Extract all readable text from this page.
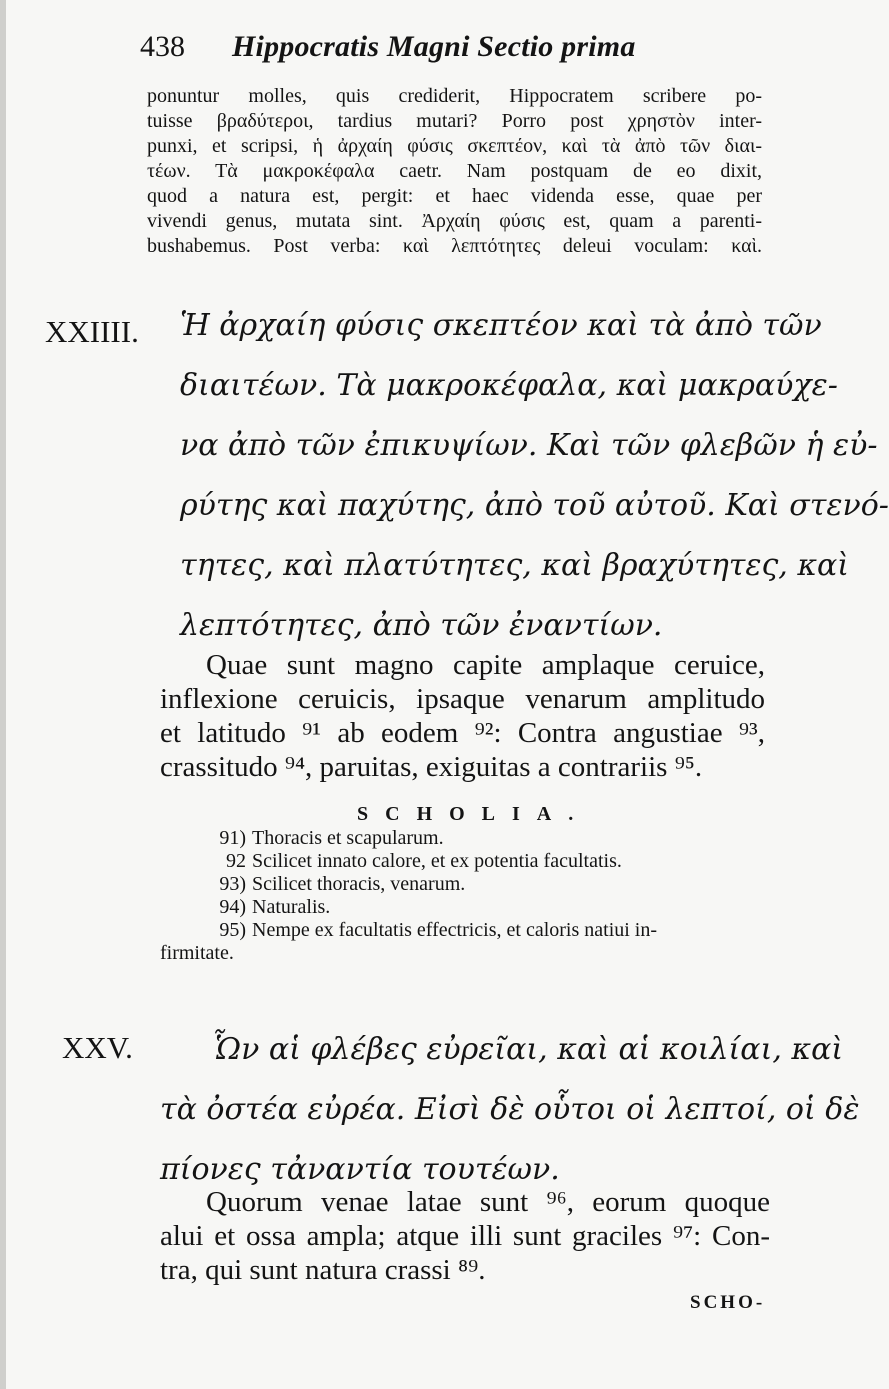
438 Hippocratis Magni Sectio prima
ponuntur molles, quis crediderit, Hippocratem scribere po-
tuisse βραδύτεροι, tardius mutari? Porro post χρηστὸν inter-
punxi, et scripsi, ἡ ἀρχαίη φύσις σκεπτέον, καὶ τὰ ἀπὸ τῶν διαι-
τέων. Τὰ μακροκέφαλα caetr. Nam postquam de eo dixit,
quod a natura est, pergit: et haec videnda esse, quae per
vivendi genus, mutata sint. Ἀρχαίη φύσις est, quam a parenti-
bushabemus. Post verba: καὶ λεπτότητες deleui voculam: καὶ.
XXIIII. Ἡ ἀρχαίη φύσις σκεπτέον καὶ τὰ ἀπὸ τῶν
διαιτέων. Τὰ μακροκέφαλα, καὶ μακραύχε-
να ἀπὸ τῶν ἐπικυψίων. Καὶ τῶν φλεβῶν ἡ εὐ-
ρύτης καὶ παχύτης, ἀπὸ τοῦ αὐτοῦ. Καὶ στενό-
τητες, καὶ πλατύτητες, καὶ βραχύτητες, καὶ
λεπτότητες, ἀπὸ τῶν ἐναντίων.
Quae sunt magno capite amplaque ceruice,
inflexione ceruicis, ipsaque venarum amplitudo
et latitudo ⁹¹ ab eodem ⁹²: Contra angustiae ⁹³,
crassitudo ⁹⁴, paruitas, exiguitas a contrariis ⁹⁵.
SCHOLIA.
91) Thoracis et scapularum.
92 Scilicet innato calore, et ex potentia facultatis.
93) Scilicet thoracis, venarum.
94) Naturalis.
95) Nempe ex facultatis effectricis, et caloris natiui in-
firmitate.
XXV.	Ὧν αἱ φλέβες εὐρεῖαι, καὶ αἱ κοιλίαι, καὶ
τὰ ὀστέα εὐρέα. Εἰσὶ δὲ οὗτοι οἱ λεπτοί, οἱ δὲ
πίονες τἀναντία τουτέων.
Quorum venae latae sunt ⁹⁶, eorum quoque
alui et ossa ampla; atque illi sunt graciles ⁹⁷: Con-
tra, qui sunt natura crassi ⁸⁹.
SCHO-
